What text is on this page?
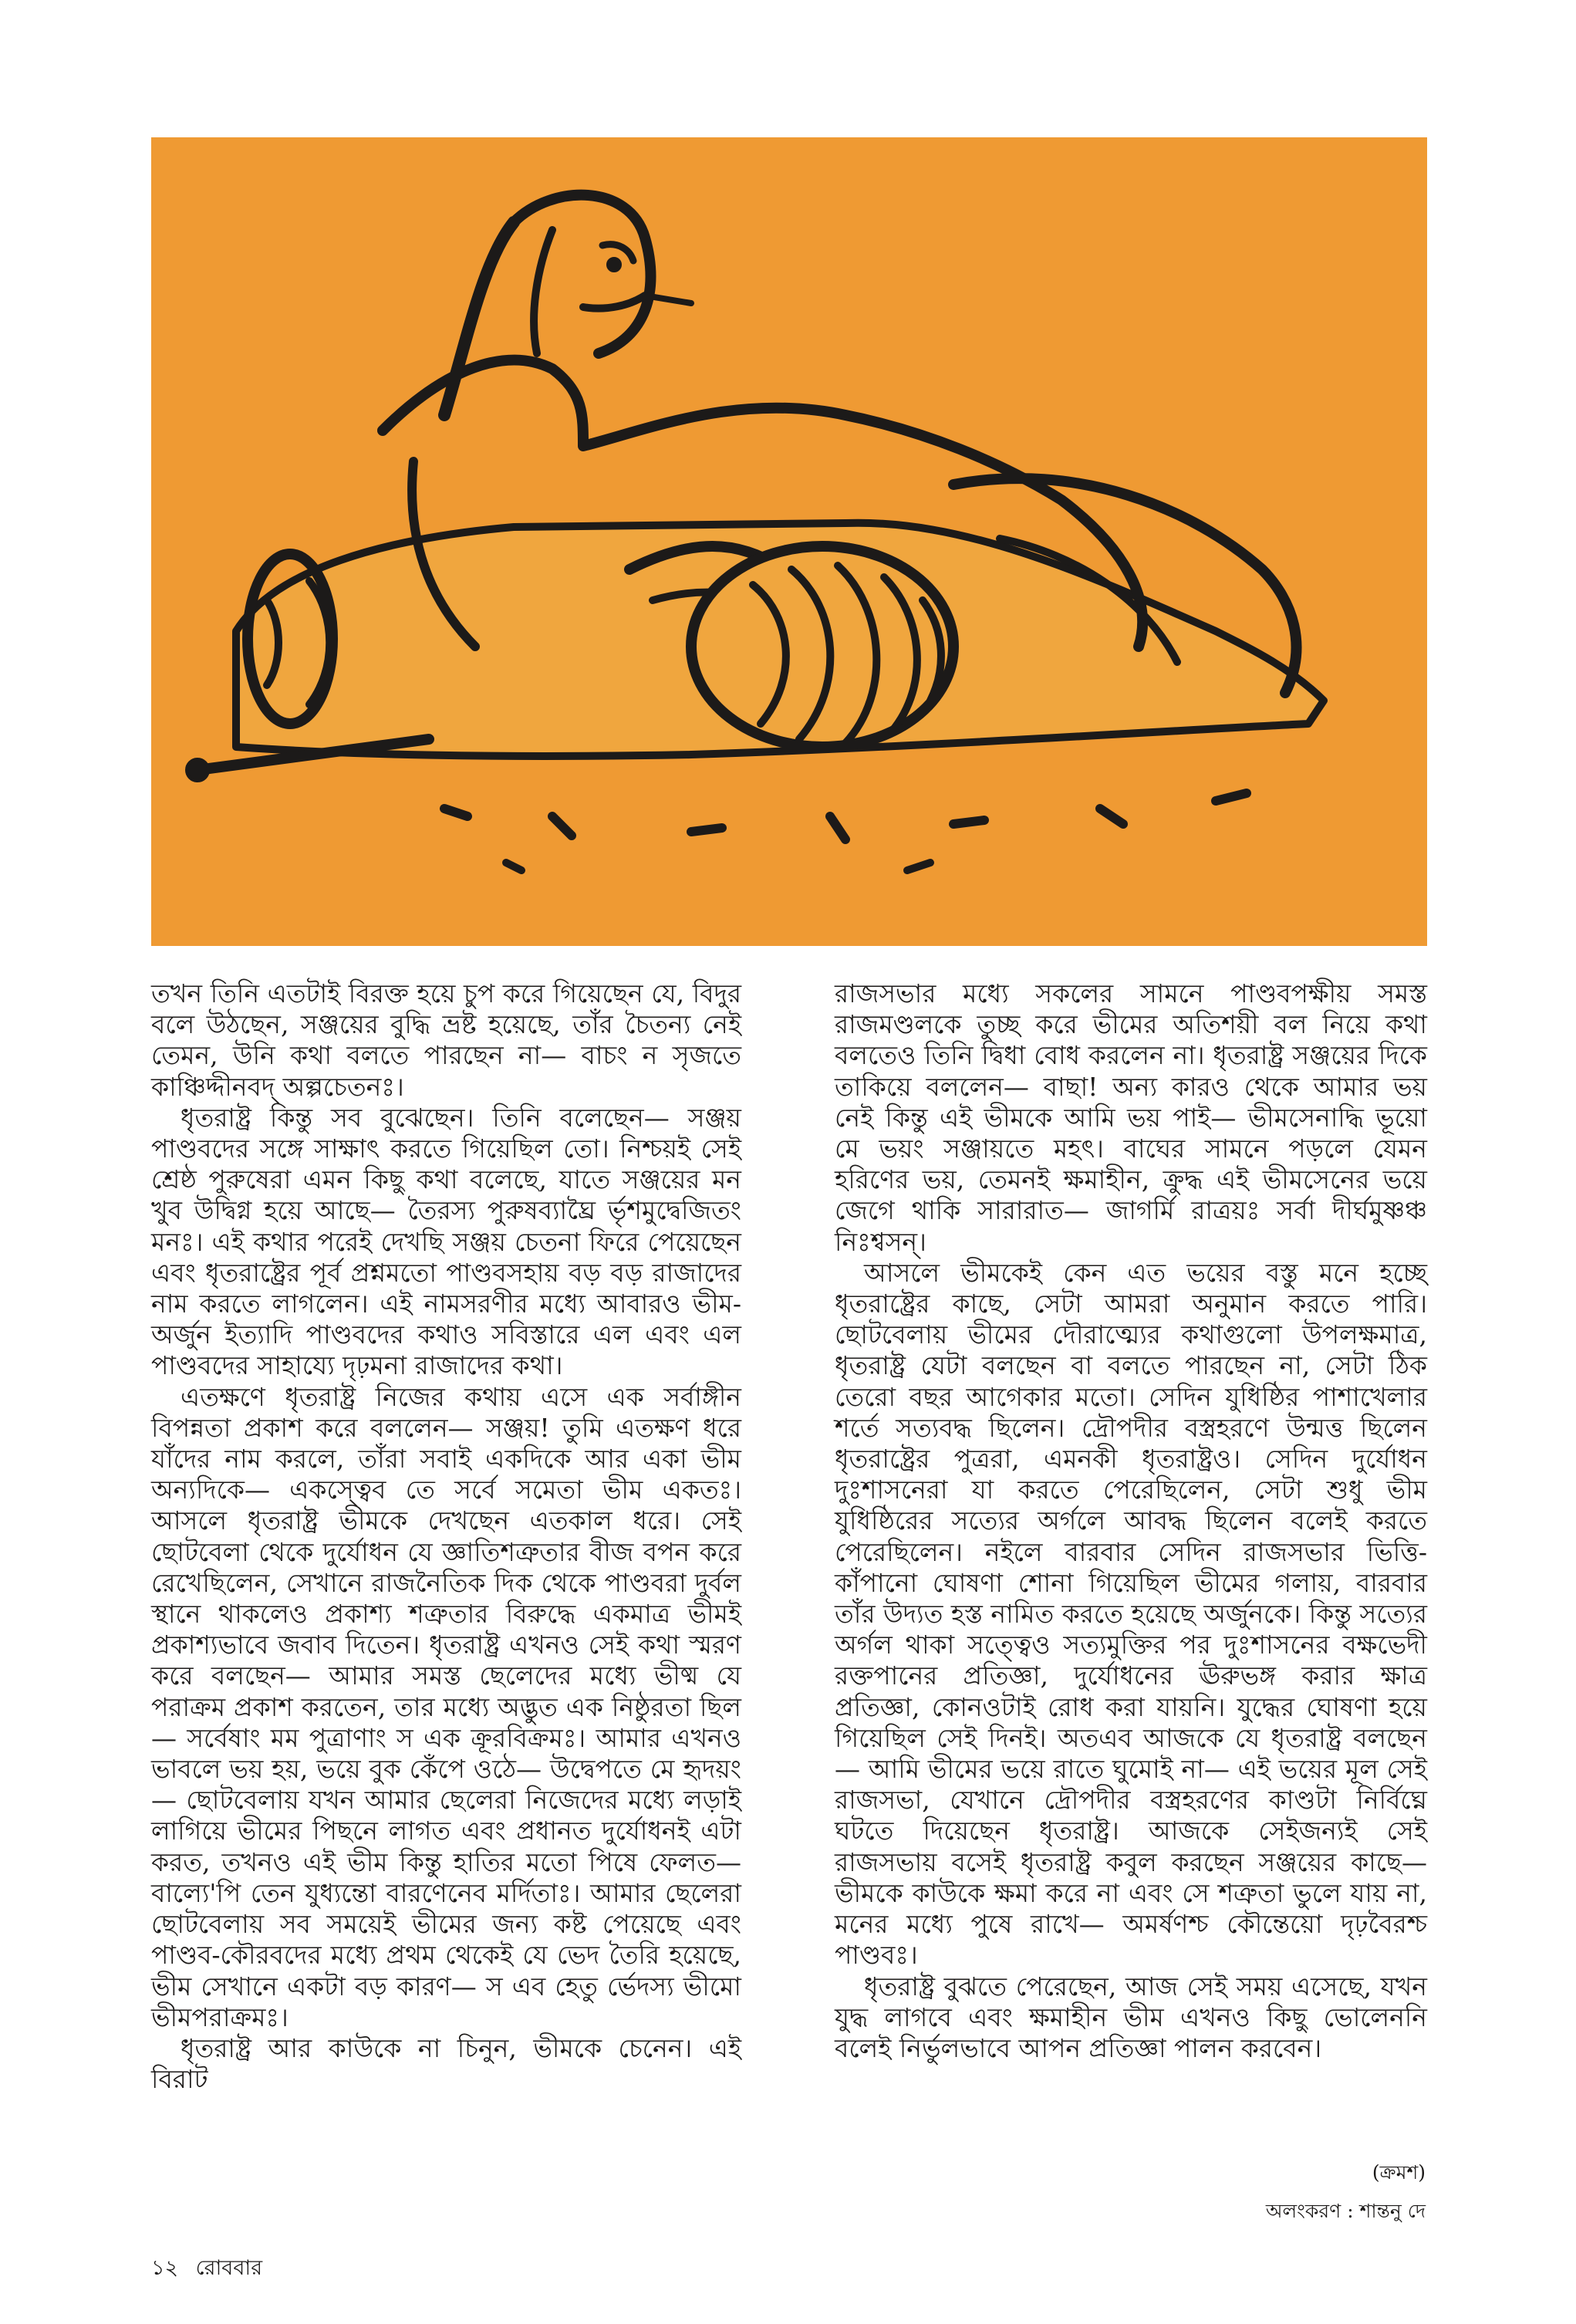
তখন তিনি এতটাই বিরক্ত হয়ে চুপ করে গিয়েছেন যে, বিদুর বলে উঠছেন, সঞ্জয়ের বুদ্ধি ভ্রষ্ট হয়েছে, তাঁর চৈতন্য নেই তেমন, উনি কথা বলতে পারছেন না— বাচং ন সৃজতে কাঞ্চিদ্দীনবদ্ অল্পচেতনঃ।

ধৃতরাষ্ট্র কিন্তু সব বুঝেছেন। তিনি বলেছেন— সঞ্জয় পাণ্ডবদের সঙ্গে সাক্ষাৎ করতে গিয়েছিল তো। নিশ্চয়ই সেই শ্রেষ্ঠ পুরুষেরা এমন কিছু কথা বলেছে, যাতে সঞ্জয়ের মন খুব উদ্বিগ্ন হয়ে আছে— তৈরস্য পুরুষব্যাঘ্রৈ র্ভৃশমুদ্বেজিতং মনঃ। এই কথার পরেই দেখছি সঞ্জয় চেতনা ফিরে পেয়েছেন এবং ধৃতরাষ্ট্রের পূর্ব প্রশ্নমতো পাণ্ডবসহায় বড় বড় রাজাদের নাম করতে লাগলেন। এই নামসরণীর মধ্যে আবারও ভীম-অর্জুন ইত্যাদি পাণ্ডবদের কথাও সবিস্তারে এল এবং এল পাণ্ডবদের সাহায্যে দৃঢ়মনা রাজাদের কথা।

এতক্ষণে ধৃতরাষ্ট্র নিজের কথায় এসে এক সর্বাঙ্গীন বিপন্নতা প্রকাশ করে বললেন— সঞ্জয়! তুমি এতক্ষণ ধরে যাঁদের নাম করলে, তাঁরা সবাই একদিকে আর একা ভীম অন্যদিকে— একস্ত্বেব তে সর্বে সমেতা ভীম একতঃ। আসলে ধৃতরাষ্ট্র ভীমকে দেখছেন এতকাল ধরে। সেই ছোটবেলা থেকে দুর্যোধন যে জ্ঞাতিশত্রুতার বীজ বপন করে রেখেছিলেন, সেখানে রাজনৈতিক দিক থেকে পাণ্ডবরা দুর্বল স্থানে থাকলেও প্রকাশ্য শত্রুতার বিরুদ্ধে একমাত্র ভীমই প্রকাশ্যভাবে জবাব দিতেন। ধৃতরাষ্ট্র এখনও সেই কথা স্মরণ করে বলছেন— আমার সমস্ত ছেলেদের মধ্যে ভীষ্ম যে পরাক্রম প্রকাশ করতেন, তার মধ্যে অদ্ভুত এক নিষ্ঠুরতা ছিল— সর্বেষাং মম পুত্রাণাং স এক ক্রূরবিক্রমঃ। আমার এখনও ভাবলে ভয় হয়, ভয়ে বুক কেঁপে ওঠে— উদ্বেপতে মে হৃদয়ং— ছোটবেলায় যখন আমার ছেলেরা নিজেদের মধ্যে লড়াই লাগিয়ে ভীমের পিছনে লাগত এবং প্রধানত দুর্যোধনই এটা করত, তখনও এই ভীম কিন্তু হাতির মতো পিষে ফেলত— বাল্যে'পি তেন যুধ্যন্তো বারণেনেব মর্দিতাঃ। আমার ছেলেরা ছোটবেলায় সব সময়েই ভীমের জন্য কষ্ট পেয়েছে এবং পাণ্ডব-কৌরবদের মধ্যে প্রথম থেকেই যে ভেদ তৈরি হয়েছে, ভীম সেখানে একটা বড় কারণ— স এব হেতু র্ভেদস্য ভীমো ভীমপরাক্রমঃ।

ধৃতরাষ্ট্র আর কাউকে না চিনুন, ভীমকে চেনেন। এই বিরাট

রাজসভার মধ্যে সকলের সামনে পাণ্ডবপক্ষীয় সমস্ত রাজমণ্ডলকে তুচ্ছ করে ভীমের অতিশয়ী বল নিয়ে কথা বলতেও তিনি দ্বিধা বোধ করলেন না। ধৃতরাষ্ট্র সঞ্জয়ের দিকে তাকিয়ে বললেন— বাছা! অন্য কারও থেকে আমার ভয় নেই কিন্তু এই ভীমকে আমি ভয় পাই— ভীমসেনাদ্ধি ভূয়ো মে ভয়ং সঞ্জায়তে মহৎ। বাঘের সামনে পড়লে যেমন হরিণের ভয়, তেমনই ক্ষমাহীন, ক্রুদ্ধ এই ভীমসেনের ভয়ে জেগে থাকি সারারাত— জাগর্মি রাত্রয়ঃ সর্বা দীর্ঘমুষ্ণঞ্চ নিঃশ্বসন্।

আসলে ভীমকেই কেন এত ভয়ের বস্তু মনে হচ্ছে ধৃতরাষ্ট্রের কাছে, সেটা আমরা অনুমান করতে পারি। ছোটবেলায় ভীমের দৌরাত্ম্যের কথাগুলো উপলক্ষমাত্র, ধৃতরাষ্ট্র যেটা বলছেন বা বলতে পারছেন না, সেটা ঠিক তেরো বছর আগেকার মতো। সেদিন যুধিষ্ঠির পাশাখেলার শর্তে সত্যবদ্ধ ছিলেন। দ্রৌপদীর বস্ত্রহরণে উন্মত্ত ছিলেন ধৃতরাষ্ট্রের পুত্ররা, এমনকী ধৃতরাষ্ট্রও। সেদিন দুর্যোধন দুঃশাসনেরা যা করতে পেরেছিলেন, সেটা শুধু ভীম যুধিষ্ঠিরের সত্যের অর্গলে আবদ্ধ ছিলেন বলেই করতে পেরেছিলেন। নইলে বারবার সেদিন রাজসভার ভিত্তি-কাঁপানো ঘোষণা শোনা গিয়েছিল ভীমের গলায়, বারবার তাঁর উদ্যত হস্ত নামিত করতে হয়েছে অর্জুনকে। কিন্তু সত্যের অর্গল থাকা সত্ত্বেও সত্যমুক্তির পর দুঃশাসনের বক্ষভেদী রক্তপানের প্রতিজ্ঞা, দুর্যোধনের ঊরুভঙ্গ করার ক্ষাত্র প্রতিজ্ঞা, কোনওটাই রোধ করা যায়নি। যুদ্ধের ঘোষণা হয়ে গিয়েছিল সেই দিনই। অতএব আজকে যে ধৃতরাষ্ট্র বলছেন— আমি ভীমের ভয়ে রাতে ঘুমোই না— এই ভয়ের মূল সেই রাজসভা, যেখানে দ্রৌপদীর বস্ত্রহরণের কাণ্ডটা নির্বিঘ্নে ঘটতে দিয়েছেন ধৃতরাষ্ট্র। আজকে সেইজন্যই সেই রাজসভায় বসেই ধৃতরাষ্ট্র কবুল করছেন সঞ্জয়ের কাছে— ভীমকে কাউকে ক্ষমা করে না এবং সে শত্রুতা ভুলে যায় না, মনের মধ্যে পুষে রাখে— অমর্ষণশ্চ কৌন্তেয়ো দৃঢ়বৈরশ্চ পাণ্ডবঃ।

ধৃতরাষ্ট্র বুঝতে পেরেছেন, আজ সেই সময় এসেছে, যখন যুদ্ধ লাগবে এবং ক্ষমাহীন ভীম এখনও কিছু ভোলেননি বলেই নির্ভুলভাবে আপন প্রতিজ্ঞা পালন করবেন।

(ক্রমশ)
অলংকরণ : শান্তনু দে
১২ রোববার
